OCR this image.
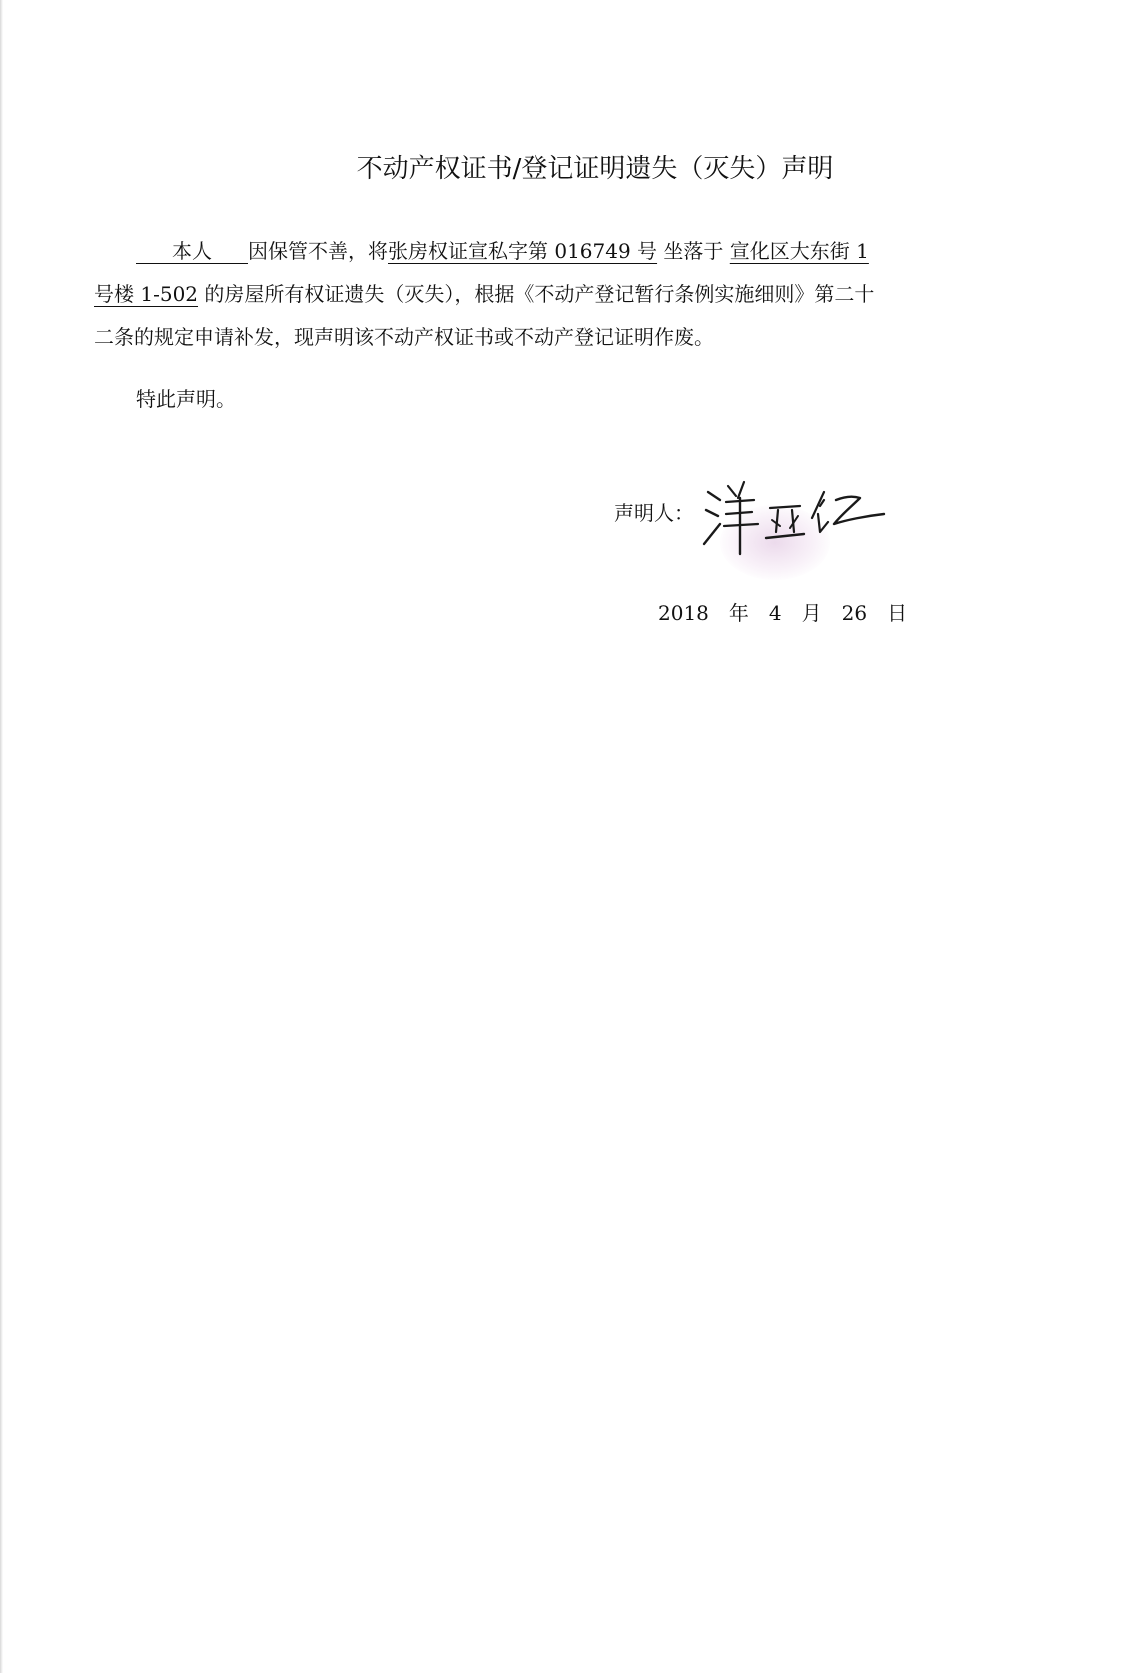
不动产权证书/登记证明遗失（灭失）声明
本人 因保管不善，将张房权证宣私字第 016749 号 坐落于 宣化区大东街 1
号楼 1-502 的房屋所有权证遗失（灭失），根据《不动产登记暂行条例实施细则》第二十
二条的规定申请补发，现声明该不动产权证书或不动产登记证明作废。
特此声明。
声明人：
2018 年 4 月 26 日
